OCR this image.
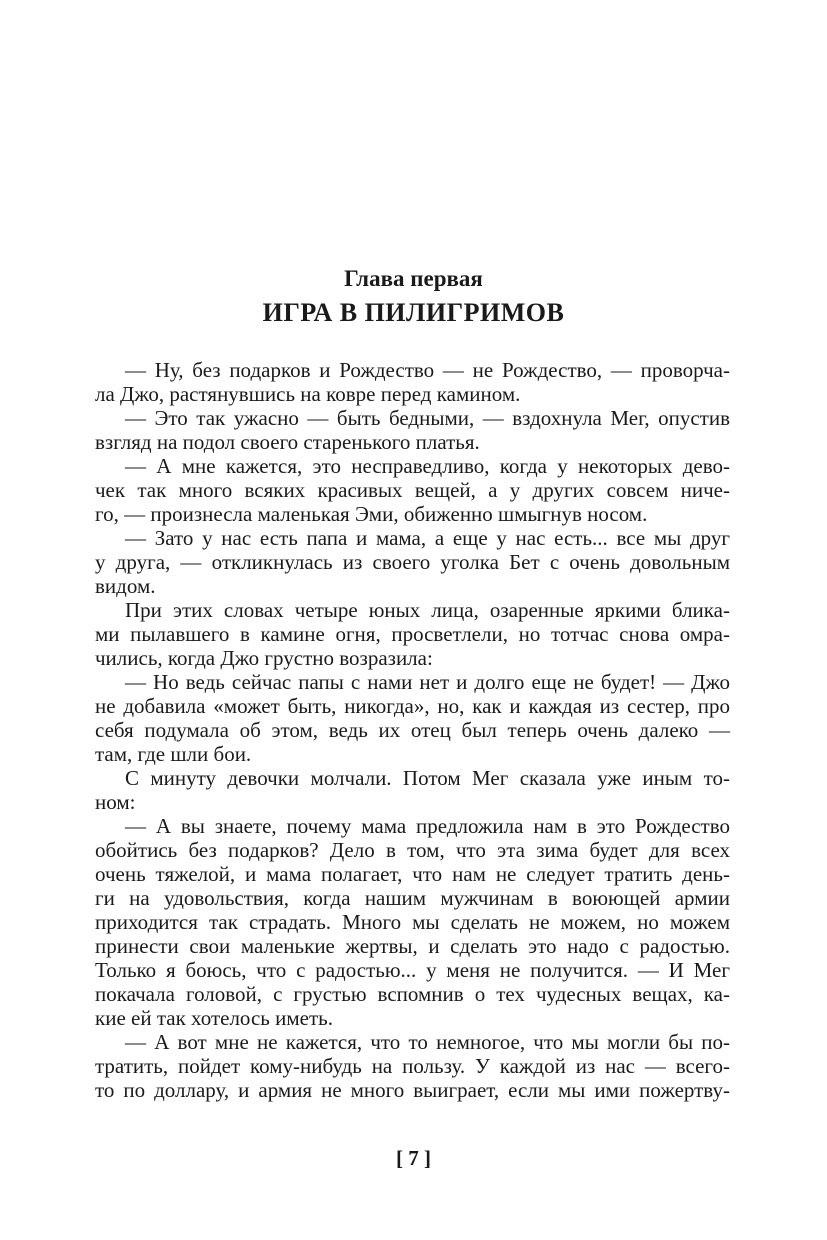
Глава первая
ИГРА В ПИЛИГРИМОВ
— Ну, без подарков и Рождество — не Рождество, — проворча-
ла Джо, растянувшись на ковре перед камином.
— Это так ужасно — быть бедными, — вздохнула Мег, опустив
взгляд на подол своего старенького платья.
— А мне кажется, это несправедливо, когда у некоторых дево-
чек так много всяких красивых вещей, а у других совсем ниче-
го, — произнесла маленькая Эми, обиженно шмыгнув носом.
— Зато у нас есть папа и мама, а еще у нас есть... все мы друг
у друга, — откликнулась из своего уголка Бет с очень довольным
видом.
При этих словах четыре юных лица, озаренные яркими блика-
ми пылавшего в камине огня, просветлели, но тотчас снова омра-
чились, когда Джо грустно возразила:
— Но ведь сейчас папы с нами нет и долго еще не будет! — Джо
не добавила «может быть, никогда», но, как и каждая из сестер, про
себя подумала об этом, ведь их отец был теперь очень далеко —
там, где шли бои.
С минуту девочки молчали. Потом Мег сказала уже иным то-
ном:
— А вы знаете, почему мама предложила нам в это Рождество
обойтись без подарков? Дело в том, что эта зима будет для всех
очень тяжелой, и мама полагает, что нам не следует тратить день-
ги на удовольствия, когда нашим мужчинам в воюющей армии
приходится так страдать. Много мы сделать не можем, но можем
принести свои маленькие жертвы, и сделать это надо с радостью.
Только я боюсь, что с радостью... у меня не получится. — И Мег
покачала головой, с грустью вспомнив о тех чудесных вещах, ка-
кие ей так хотелось иметь.
— А вот мне не кажется, что то немногое, что мы могли бы по-
тратить, пойдет кому-нибудь на пользу. У каждой из нас — всего-
то по доллару, и армия не много выиграет, если мы ими пожертву-
[ 7 ]
